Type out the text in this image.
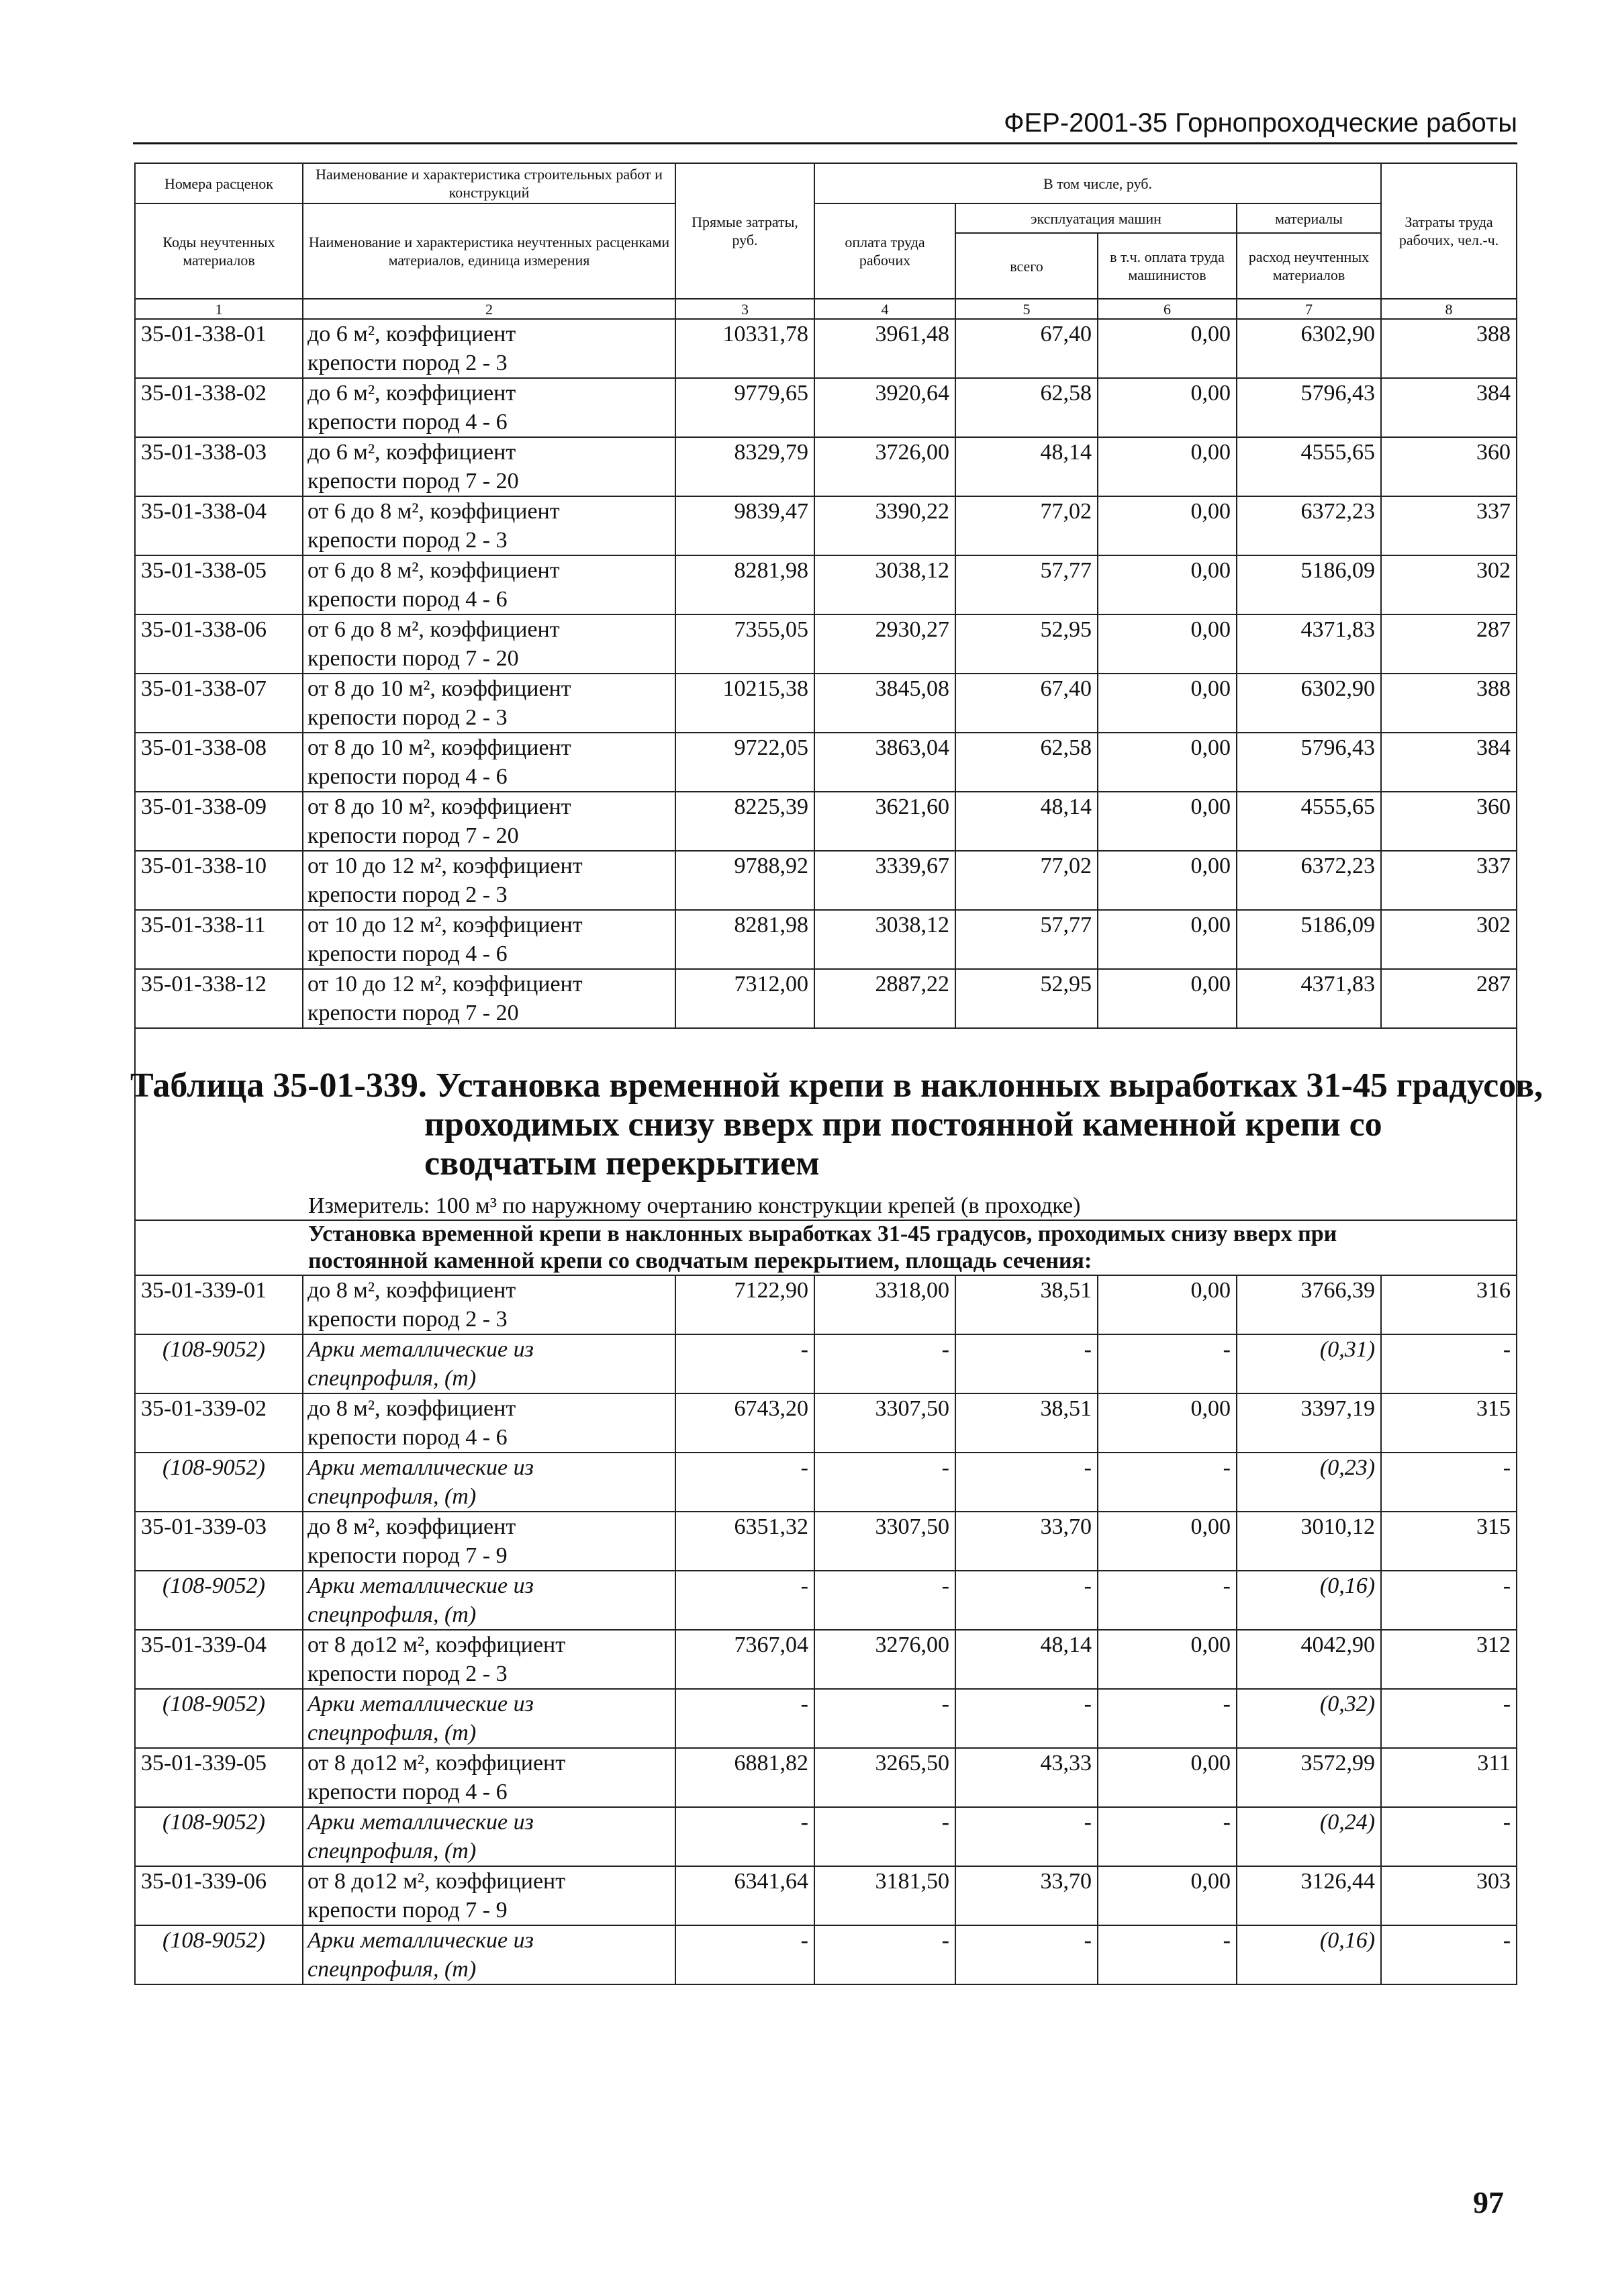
ФЕР-2001-35 Горнопроходческие работы
Номера расценок	Наименование и характеристика строительных работ и конструкций	Прямые затраты, руб.	В том числе, руб.				Затраты труда рабочих, чел.-ч.
Коды неучтенных материалов	Наименование и характеристика неучтенных расценками материалов, единица измерения		оплата труда рабочих	эксплуатация машин		материалы	
				всего	в т.ч. оплата труда машинистов	расход неучтенных материалов	
1	2	3	4	5	6	7	8
35-01-338-01	до 6 м², коэффициент
крепости пород 2 - 3	10331,78	3961,48	67,40	0,00	6302,90	388
35-01-338-02	до 6 м², коэффициент
крепости пород 4 - 6	9779,65	3920,64	62,58	0,00	5796,43	384
35-01-338-03	до 6 м², коэффициент
крепости пород 7 - 20	8329,79	3726,00	48,14	0,00	4555,65	360
35-01-338-04	от 6 до 8 м², коэффициент
крепости пород 2 - 3	9839,47	3390,22	77,02	0,00	6372,23	337
35-01-338-05	от 6 до 8 м², коэффициент
крепости пород 4 - 6	8281,98	3038,12	57,77	0,00	5186,09	302
35-01-338-06	от 6 до 8 м², коэффициент
крепости пород 7 - 20	7355,05	2930,27	52,95	0,00	4371,83	287
35-01-338-07	от 8 до 10 м², коэффициент
крепости пород 2 - 3	10215,38	3845,08	67,40	0,00	6302,90	388
35-01-338-08	от 8 до 10 м², коэффициент
крепости пород 4 - 6	9722,05	3863,04	62,58	0,00	5796,43	384
35-01-338-09	от 8 до 10 м², коэффициент
крепости пород 7 - 20	8225,39	3621,60	48,14	0,00	4555,65	360
35-01-338-10	от 10 до 12 м², коэффициент
крепости пород 2 - 3	9788,92	3339,67	77,02	0,00	6372,23	337
35-01-338-11	от 10 до 12 м², коэффициент
крепости пород 4 - 6	8281,98	3038,12	57,77	0,00	5186,09	302
35-01-338-12	от 10 до 12 м², коэффициент
крепости пород 7 - 20	7312,00	2887,22	52,95	0,00	4371,83	287

Таблица 35-01-339. Установка временной крепи в наклонных выработках 31-45 градусов,
проходимых снизу вверх при постоянной каменной крепи со сводчатым перекрытием							

	Измеритель: 100 м³ по наружному очертанию конструкции крепей (в проходке)						

	Установка временной крепи в наклонных выработках 31-45 градусов, проходимых снизу вверх при
постоянной каменной крепи со сводчатым перекрытием, площадь сечения:						

35-01-339-01	до 8 м², коэффициент
крепости пород 2 - 3	7122,90	3318,00	38,51	0,00	3766,39	316
(108-9052)	Арки металлические из
спецпрофиля, (т)	-	-	-	-	(0,31)	-
35-01-339-02	до 8 м², коэффициент
крепости пород 4 - 6	6743,20	3307,50	38,51	0,00	3397,19	315
(108-9052)	Арки металлические из
спецпрофиля, (т)	-	-	-	-	(0,23)	-
35-01-339-03	до 8 м², коэффициент
крепости пород 7 - 9	6351,32	3307,50	33,70	0,00	3010,12	315
(108-9052)	Арки металлические из
спецпрофиля, (т)	-	-	-	-	(0,16)	-
35-01-339-04	от 8 до12 м², коэффициент
крепости пород 2 - 3	7367,04	3276,00	48,14	0,00	4042,90	312
(108-9052)	Арки металлические из
спецпрофиля, (т)	-	-	-	-	(0,32)	-
35-01-339-05	от 8 до12 м², коэффициент
крепости пород 4 - 6	6881,82	3265,50	43,33	0,00	3572,99	311
(108-9052)	Арки металлические из
спецпрофиля, (т)	-	-	-	-	(0,24)	-
35-01-339-06	от 8 до12 м², коэффициент
крепости пород 7 - 9	6341,64	3181,50	33,70	0,00	3126,44	303
(108-9052)	Арки металлические из
спецпрофиля, (т)	-	-	-	-	(0,16)	-
97
